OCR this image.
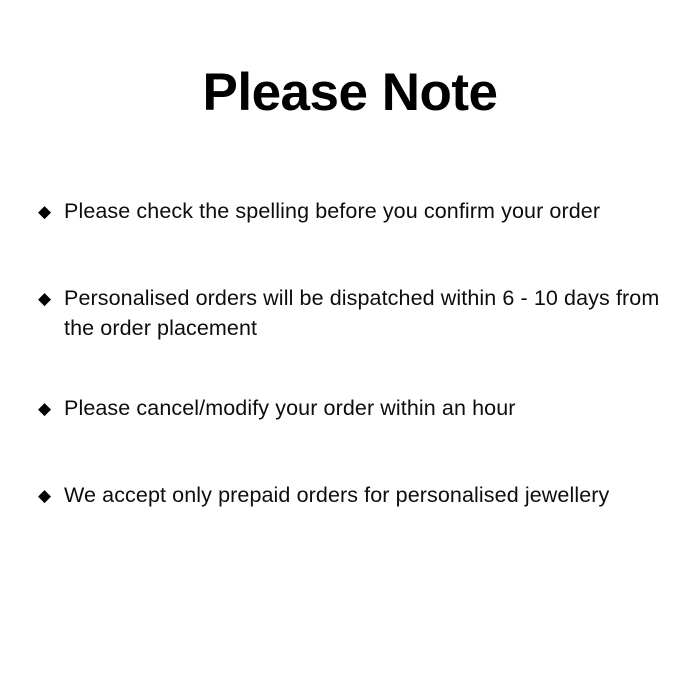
Please Note
◆ Please check the spelling before you confirm your order
◆ Personalised orders will be dispatched within 6 - 10 days from the order placement
◆ Please cancel/modify your order within an hour
◆ We accept only prepaid orders for personalised jewellery
